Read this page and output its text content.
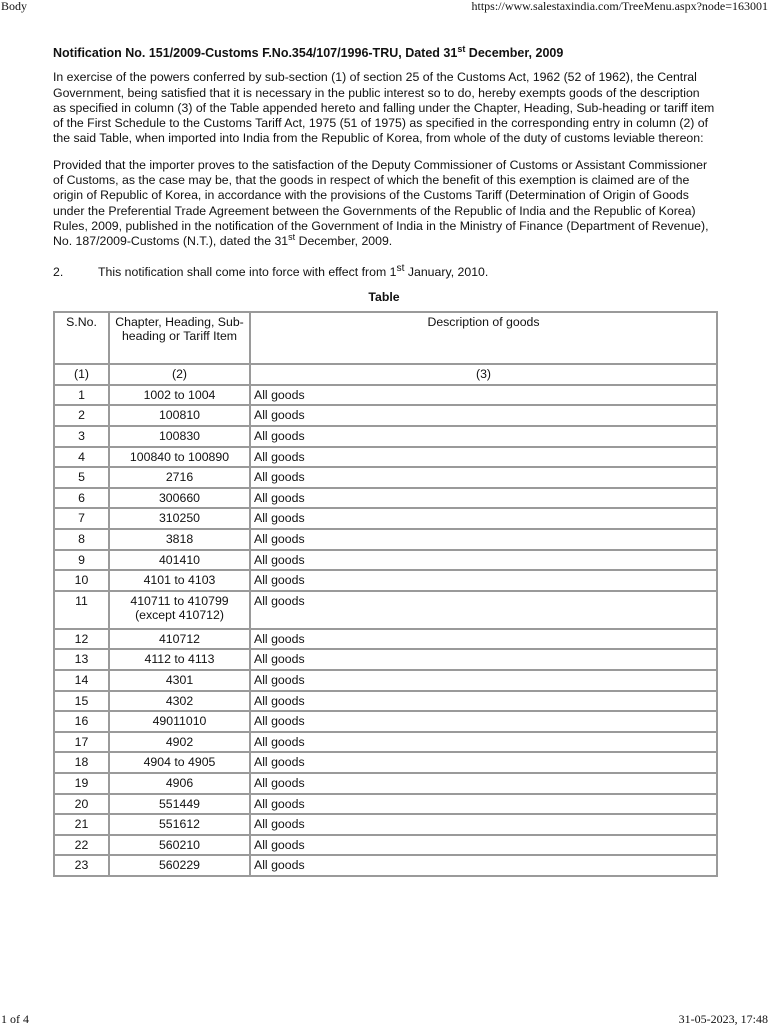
Body	https://www.salestaxindia.com/TreeMenu.aspx?node=163001
Notification No. 151/2009-Customs F.No.354/107/1996-TRU, Dated 31st December, 2009
In exercise of the powers conferred by sub-section (1) of section 25 of the Customs Act, 1962 (52 of 1962), the Central Government, being satisfied that it is necessary in the public interest so to do, hereby exempts goods of the description as specified in column (3) of the Table appended hereto and falling under the Chapter, Heading, Sub-heading or tariff item of the First Schedule to the Customs Tariff Act, 1975 (51 of 1975) as specified in the corresponding entry in column (2) of the said Table, when imported into India from the Republic of Korea, from whole of the duty of customs leviable thereon:
Provided that the importer proves to the satisfaction of the Deputy Commissioner of Customs or Assistant Commissioner of Customs, as the case may be, that the goods in respect of which the benefit of this exemption is claimed are of the origin of Republic of Korea, in accordance with the provisions of the Customs Tariff (Determination of Origin of Goods under the Preferential Trade Agreement between the Governments of the Republic of India and the Republic of Korea) Rules, 2009, published in the notification of the Government of India in the Ministry of Finance (Department of Revenue), No. 187/2009-Customs (N.T.), dated the 31st December, 2009.
2.	This notification shall come into force with effect from 1st January, 2010.
Table
S.No.	Chapter, Heading, Sub-heading or Tariff Item	Description of goods
(1)	(2)	(3)
1	1002 to 1004	All goods
2	100810	All goods
3	100830	All goods
4	100840 to 100890	All goods
5	2716	All goods
6	300660	All goods
7	310250	All goods
8	3818	All goods
9	401410	All goods
10	4101 to 4103	All goods
11	410711 to 410799 (except 410712)	All goods
12	410712	All goods
13	4112 to 4113	All goods
14	4301	All goods
15	4302	All goods
16	49011010	All goods
17	4902	All goods
18	4904 to 4905	All goods
19	4906	All goods
20	551449	All goods
21	551612	All goods
22	560210	All goods
23	560229	All goods
1 of 4	31-05-2023, 17:48
